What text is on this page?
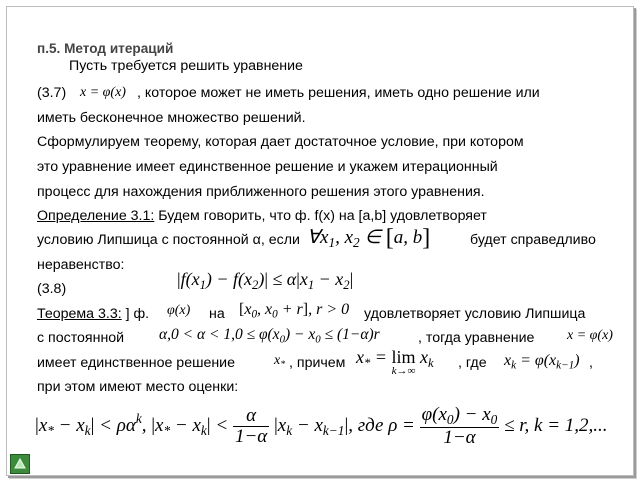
п.5. Метод итераций
Пусть требуется решить уравнение
(3.7) x = φ(x) , которое может не иметь решения, иметь одно решение или
иметь бесконечное множество решений.
Сформулируем теорему, которая дает достаточное условие, при котором
это уравнение имеет единственное решение и укажем итерационный
процесс для нахождения приближенного решения этого уравнения.
Определение 3.1: Будем говорить, что ф. f(x) на [a,b] удовлетворяет
условию Липшица с постоянной α, если $\forall x_1$, $x_2$ ∈ [a, b]	будет справедливо
неравенство:
(3.8)	$|f(x_1) - f(x_2)| \le \alpha|x_1 - x_2|$
Теорема 3.3: ] ф. φ(x) на [$x_0$, $x_0 + r$], r > 0 удовлетворяет условию Липшица
с постоянной $\alpha,0 < \alpha < 1,0 \le \varphi(x_0) - x_0 \le (1-\alpha)r$	, тогда уравнение x = φ(x)
имеет единственное решение	$x_*$ , причем $x_* = \lim$
k→∞
$x_k$ , где $x_k = \varphi(x_{k-1})$ ,
при этом имеют место оценки:
$|x_* - x_k| < \rho\alpha^k$, $|x_* - x_k| < \frac{\alpha}{1-\alpha} |x_k - x_{k-1}|$, где $\rho = \frac{\varphi(x_0) - x_0}{1-\alpha} \le r$, k = 1,2,...
